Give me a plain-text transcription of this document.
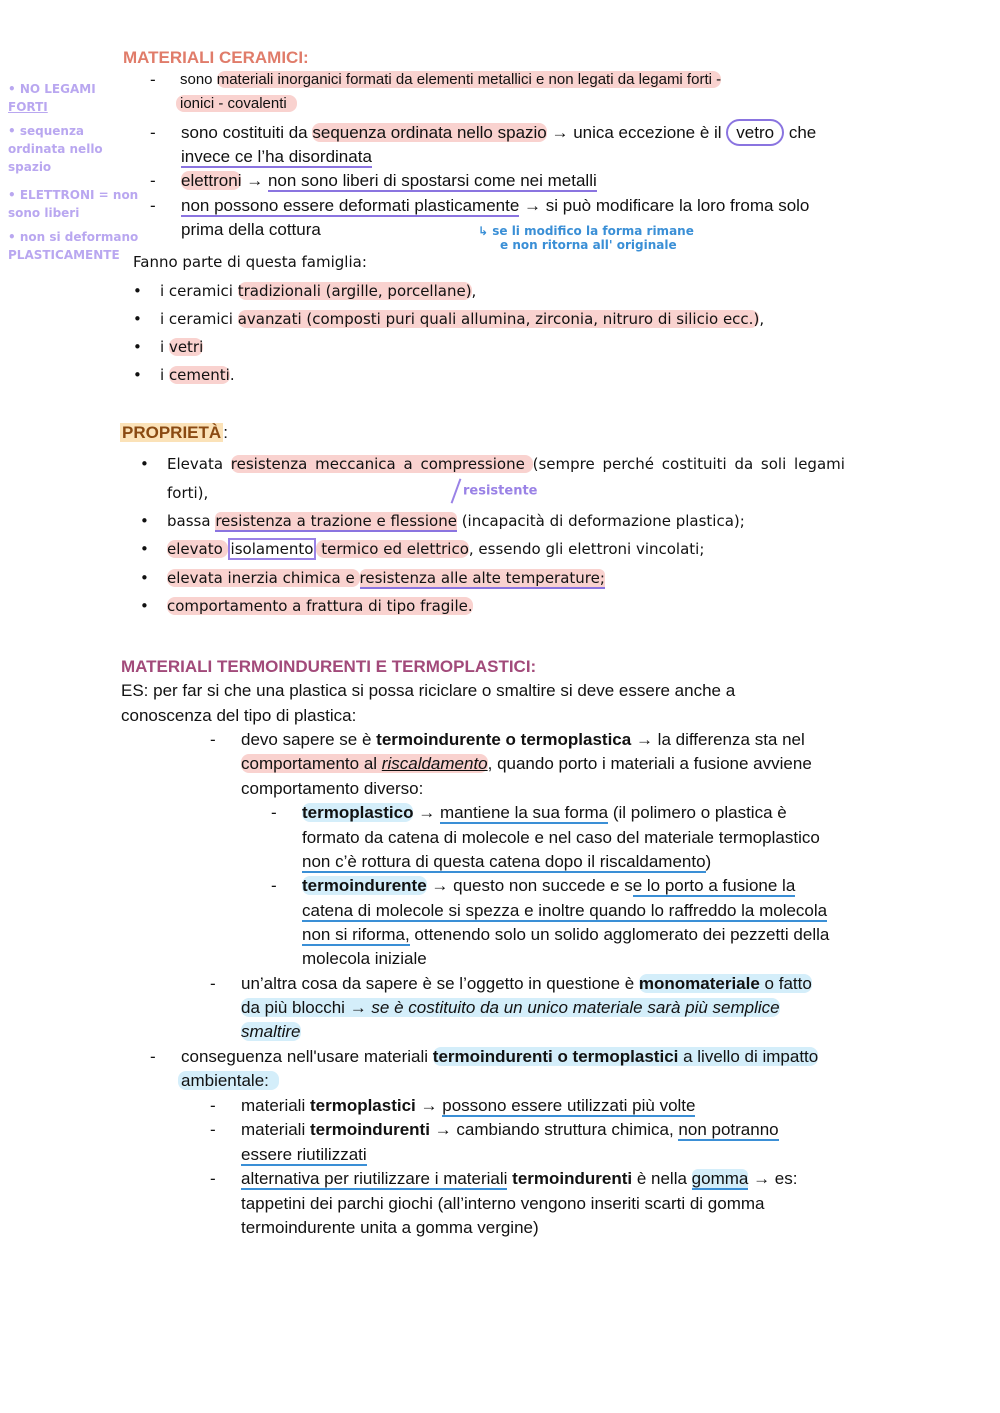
• NO LEGAMI
FORTI
• sequenza
ordinata nello
spazio
• ELETTRONI = non
sono liberi
• non si deformano
PLASTICAMENTE
MATERIALI CERAMICI:
- sono materiali inorganici formati da elementi metallici e non legati da legami forti -
ionici - covalenti
- sono costituiti da sequenza ordinata nello spazio → unica eccezione è il vetro che
invece ce l’ha disordinata
- elettroni → non sono liberi di spostarsi come nei metalli
- non possono essere deformati plasticamente → si può modificare la loro froma solo
prima della cottura	↳ se li modifico la forma rimane
e non ritorna all' originale
Fanno parte di questa famiglia:
• i ceramici tradizionali (argille, porcellane),
• i ceramici avanzati (composti puri quali allumina, zirconia, nitruro di silicio ecc.),
• i vetri
• i cementi.
PROPRIETÀ :
• Elevata resistenza meccanica a compressione (sempre perché costituiti da soli legami
forti),	resistente
• bassa resistenza a trazione e flessione (incapacità di deformazione plastica);
• elevato isolamento termico ed elettrico, essendo gli elettroni vincolati;
• elevata inerzia chimica e resistenza alle alte temperature;
• comportamento a frattura di tipo fragile.
MATERIALI TERMOINDURENTI E TERMOPLASTICI:
ES: per far si che una plastica si possa riciclare o smaltire si deve essere anche a
conoscenza del tipo di plastica:
- devo sapere se è termoindurente o termoplastica → la differenza sta nel
comportamento al riscaldamento, quando porto i materiali a fusione avviene
comportamento diverso:
- termoplastico → mantiene la sua forma (il polimero o plastica è
formato da catena di molecole e nel caso del materiale termoplastico
non c’è rottura di questa catena dopo il riscaldamento)
- termoindurente → questo non succede e se lo porto a fusione la
catena di molecole si spezza e inoltre quando lo raffreddo la molecola
non si riforma, ottenendo solo un solido agglomerato dei pezzetti della
molecola iniziale
- un’altra cosa da sapere è se l’oggetto in questione è monomateriale o fatto
da più blocchi → se è costituito da un unico materiale sarà più semplice
smaltire
- conseguenza nell'usare materiali termoindurenti o termoplastici a livello di impatto
ambientale:
- materiali termoplastici → possono essere utilizzati più volte
- materiali termoindurenti → cambiando struttura chimica, non potranno
essere riutilizzati
- alternativa per riutilizzare i materiali termoindurenti è nella gomma → es:
tappetini dei parchi giochi (all’interno vengono inseriti scarti di gomma
termoindurente unita a gomma vergine)
